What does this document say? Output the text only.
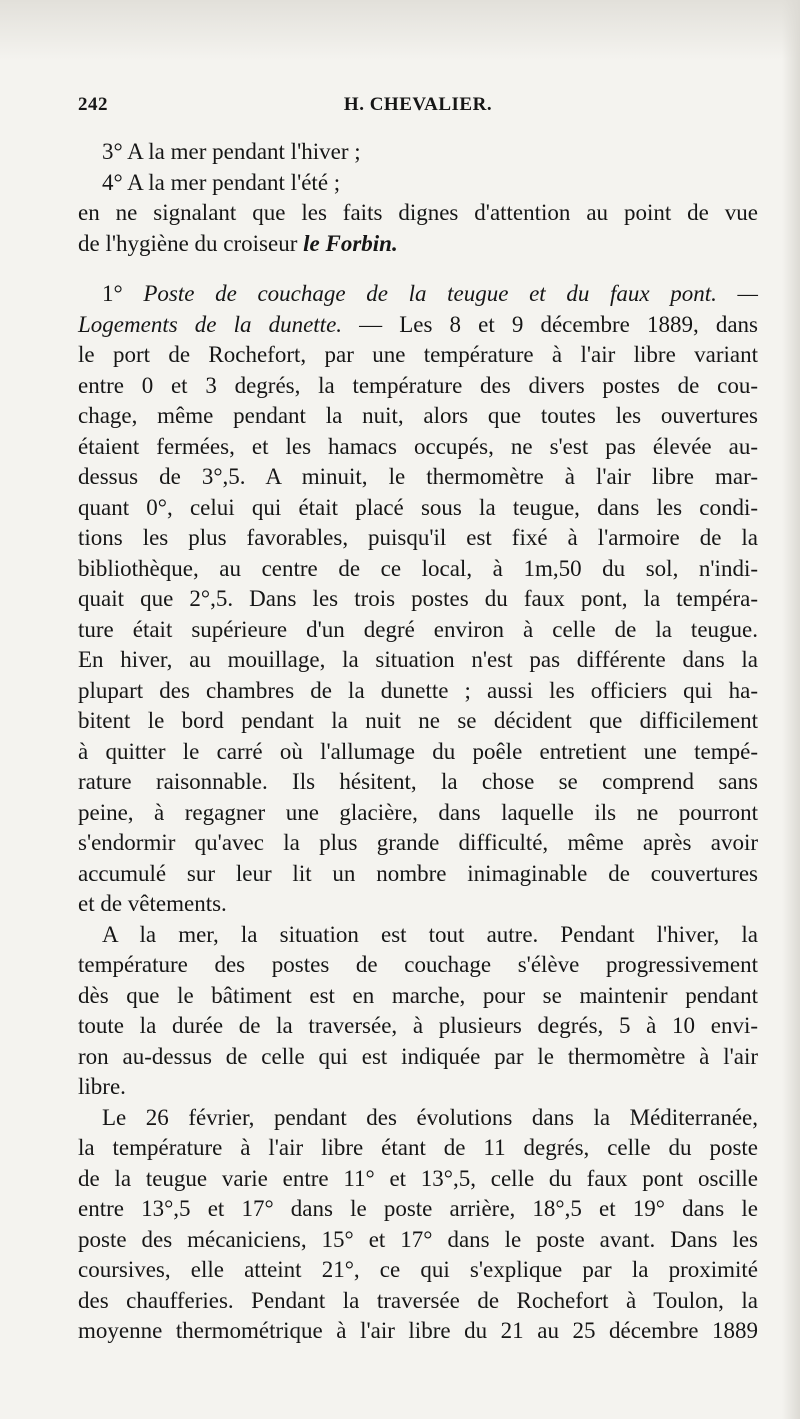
242	H. CHEVALIER.
3° A la mer pendant l'hiver ;
4° A la mer pendant l'été ;
en ne signalant que les faits dignes d'attention au point de vue
de l'hygiène du croiseur le Forbin.
1° Poste de couchage de la teugue et du faux pont. —
Logements de la dunette. — Les 8 et 9 décembre 1889, dans
le port de Rochefort, par une température à l'air libre variant
entre 0 et 3 degrés, la température des divers postes de cou-
chage, même pendant la nuit, alors que toutes les ouvertures
étaient fermées, et les hamacs occupés, ne s'est pas élevée au-
dessus de 3°,5. A minuit, le thermomètre à l'air libre mar-
quant 0°, celui qui était placé sous la teugue, dans les condi-
tions les plus favorables, puisqu'il est fixé à l'armoire de la
bibliothèque, au centre de ce local, à 1m,50 du sol, n'indi-
quait que 2°,5. Dans les trois postes du faux pont, la tempéra-
ture était supérieure d'un degré environ à celle de la teugue.
En hiver, au mouillage, la situation n'est pas différente dans la
plupart des chambres de la dunette ; aussi les officiers qui ha-
bitent le bord pendant la nuit ne se décident que difficilement
à quitter le carré où l'allumage du poêle entretient une tempé-
rature raisonnable. Ils hésitent, la chose se comprend sans
peine, à regagner une glacière, dans laquelle ils ne pourront
s'endormir qu'avec la plus grande difficulté, même après avoir
accumulé sur leur lit un nombre inimaginable de couvertures
et de vêtements.
A la mer, la situation est tout autre. Pendant l'hiver, la
température des postes de couchage s'élève progressivement
dès que le bâtiment est en marche, pour se maintenir pendant
toute la durée de la traversée, à plusieurs degrés, 5 à 10 envi-
ron au-dessus de celle qui est indiquée par le thermomètre à l'air
libre.
Le 26 février, pendant des évolutions dans la Méditerranée,
la température à l'air libre étant de 11 degrés, celle du poste
de la teugue varie entre 11° et 13°,5, celle du faux pont oscille
entre 13°,5 et 17° dans le poste arrière, 18°,5 et 19° dans le
poste des mécaniciens, 15° et 17° dans le poste avant. Dans les
coursives, elle atteint 21°, ce qui s'explique par la proximité
des chaufferies. Pendant la traversée de Rochefort à Toulon, la
moyenne thermométrique à l'air libre du 21 au 25 décembre 1889
